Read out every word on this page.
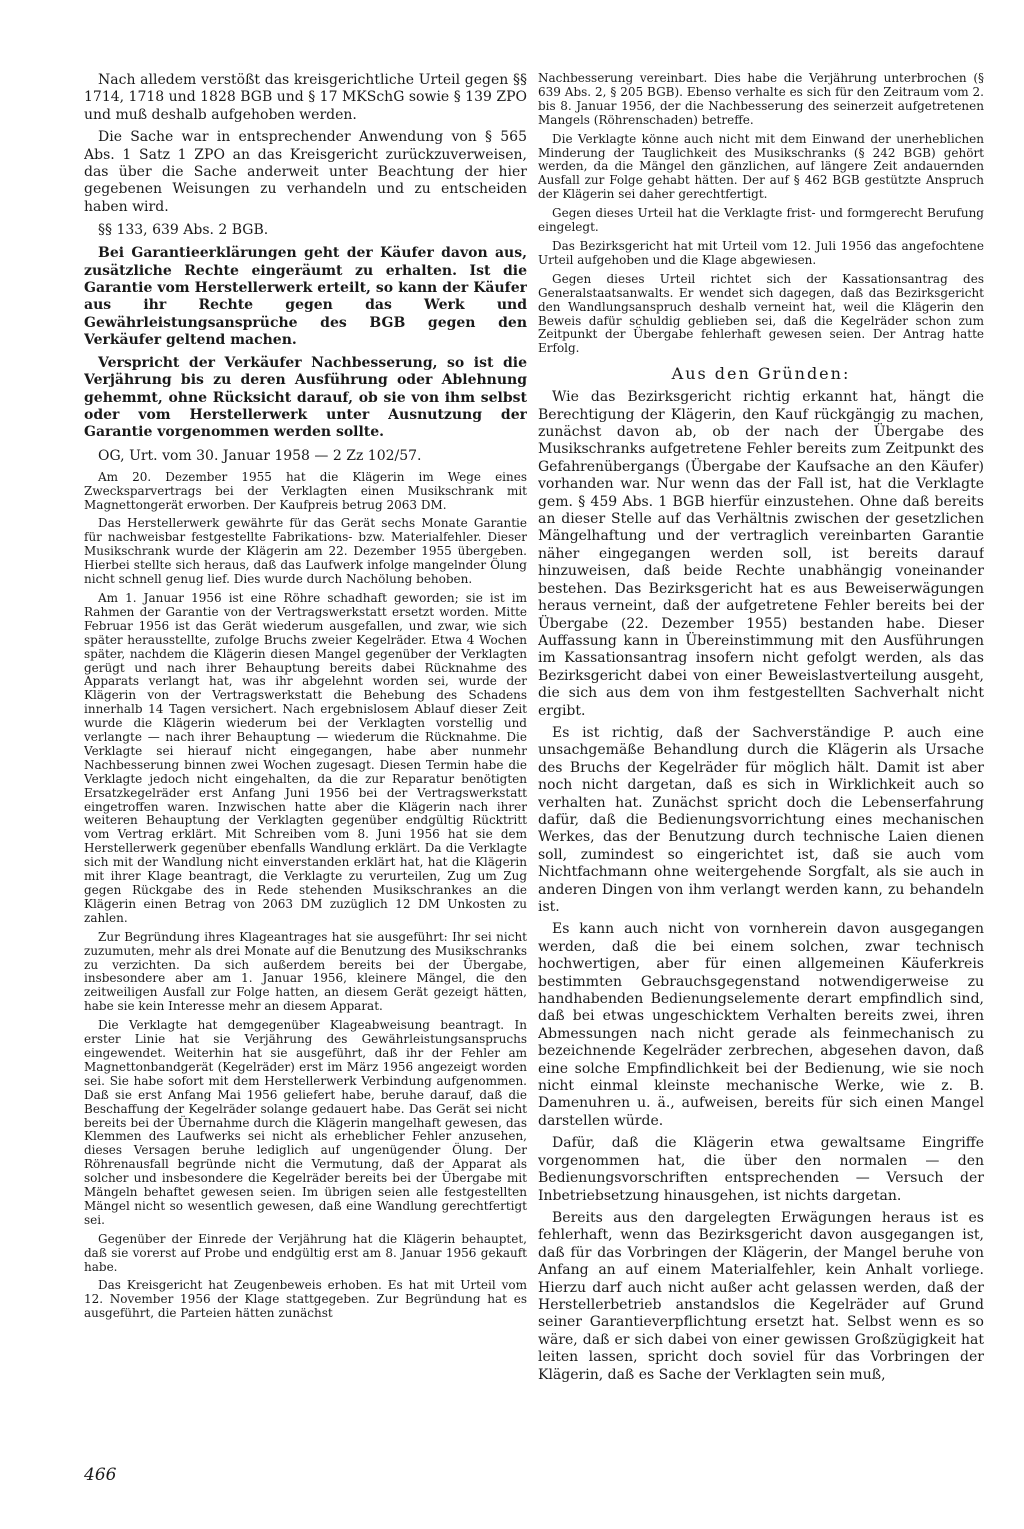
Nach alledem verstößt das kreisgerichtliche Urteil gegen §§ 1714, 1718 und 1828 BGB und § 17 MKSchG sowie § 139 ZPO und muß deshalb aufgehoben werden.

Die Sache war in entsprechender Anwendung von § 565 Abs. 1 Satz 1 ZPO an das Kreisgericht zurückzuverweisen, das über die Sache anderweit unter Beachtung der hier gegebenen Weisungen zu verhandeln und zu entscheiden haben wird.

§§ 133, 639 Abs. 2 BGB.

Bei Garantieerklärungen geht der Käufer davon aus, zusätzliche Rechte eingeräumt zu erhalten. Ist die Garantie vom Herstellerwerk erteilt, so kann der Käufer aus ihr Rechte gegen das Werk und Gewährleistungsansprüche des BGB gegen den Verkäufer geltend machen.

Verspricht der Verkäufer Nachbesserung, so ist die Verjährung bis zu deren Ausführung oder Ablehnung gehemmt, ohne Rücksicht darauf, ob sie von ihm selbst oder vom Herstellerwerk unter Ausnutzung der Garantie vorgenommen werden sollte.

OG, Urt. vom 30. Januar 1958 — 2 Zz 102/57.

Am 20. Dezember 1955 hat die Klägerin im Wege eines Zwecksparvertrags bei der Verklagten einen Musikschrank mit Magnettongerät erworben. Der Kaufpreis betrug 2063 DM.

Das Herstellerwerk gewährte für das Gerät sechs Monate Garantie für nachweisbar festgestellte Fabrikations- bzw. Materialfehler. Dieser Musikschrank wurde der Klägerin am 22. Dezember 1955 übergeben. Hierbei stellte sich heraus, daß das Laufwerk infolge mangelnder Ölung nicht schnell genug lief. Dies wurde durch Nachölung behoben.

Am 1. Januar 1956 ist eine Röhre schadhaft geworden; sie ist im Rahmen der Garantie von der Vertragswerkstatt ersetzt worden. Mitte Februar 1956 ist das Gerät wiederum ausgefallen, und zwar, wie sich später herausstellte, zufolge Bruchs zweier Kegelräder. Etwa 4 Wochen später, nachdem die Klägerin diesen Mangel gegenüber der Verklagten gerügt und nach ihrer Behauptung bereits dabei Rücknahme des Apparats verlangt hat, was ihr abgelehnt worden sei, wurde der Klägerin von der Vertragswerkstatt die Behebung des Schadens innerhalb 14 Tagen versichert. Nach ergebnislosem Ablauf dieser Zeit wurde die Klägerin wiederum bei der Verklagten vorstellig und verlangte — nach ihrer Behauptung — wiederum die Rücknahme. Die Verklagte sei hierauf nicht eingegangen, habe aber nunmehr Nachbesserung binnen zwei Wochen zugesagt. Diesen Termin habe die Verklagte jedoch nicht eingehalten, da die zur Reparatur benötigten Ersatzkegelräder erst Anfang Juni 1956 bei der Vertragswerkstatt eingetroffen waren. Inzwischen hatte aber die Klägerin nach ihrer weiteren Behauptung der Verklagten gegenüber endgültig Rücktritt vom Vertrag erklärt. Mit Schreiben vom 8. Juni 1956 hat sie dem Herstellerwerk gegenüber ebenfalls Wandlung erklärt. Da die Verklagte sich mit der Wandlung nicht einverstanden erklärt hat, hat die Klägerin mit ihrer Klage beantragt, die Verklagte zu verurteilen, Zug um Zug gegen Rückgabe des in Rede stehenden Musikschrankes an die Klägerin einen Betrag von 2063 DM zuzüglich 12 DM Unkosten zu zahlen.

Zur Begründung ihres Klageantrages hat sie ausgeführt: Ihr sei nicht zuzumuten, mehr als drei Monate auf die Benutzung des Musikschranks zu verzichten. Da sich außerdem bereits bei der Übergabe, insbesondere aber am 1. Januar 1956, kleinere Mängel, die den zeitweiligen Ausfall zur Folge hatten, an diesem Gerät gezeigt hätten, habe sie kein Interesse mehr an diesem Apparat.

Die Verklagte hat demgegenüber Klageabweisung beantragt. In erster Linie hat sie Verjährung des Gewährleistungsanspruchs eingewendet. Weiterhin hat sie ausgeführt, daß ihr der Fehler am Magnettonbandgerät (Kegelräder) erst im März 1956 angezeigt worden sei. Sie habe sofort mit dem Herstellerwerk Verbindung aufgenommen. Daß sie erst Anfang Mai 1956 geliefert habe, beruhe darauf, daß die Beschaffung der Kegelräder solange gedauert habe. Das Gerät sei nicht bereits bei der Übernahme durch die Klägerin mangelhaft gewesen, das Klemmen des Laufwerks sei nicht als erheblicher Fehler anzusehen, dieses Versagen beruhe lediglich auf ungenügender Ölung. Der Röhrenausfall begründe nicht die Vermutung, daß der Apparat als solcher und insbesondere die Kegelräder bereits bei der Übergabe mit Mängeln behaftet gewesen seien. Im übrigen seien alle festgestellten Mängel nicht so wesentlich gewesen, daß eine Wandlung gerechtfertigt sei.

Gegenüber der Einrede der Verjährung hat die Klägerin behauptet, daß sie vorerst auf Probe und endgültig erst am 8. Januar 1956 gekauft habe.

Das Kreisgericht hat Zeugenbeweis erhoben. Es hat mit Urteil vom 12. November 1956 der Klage stattgegeben. Zur Begründung hat es ausgeführt, die Parteien hätten zunächst

Nachbesserung vereinbart. Dies habe die Verjährung unterbrochen (§ 639 Abs. 2, § 205 BGB). Ebenso verhalte es sich für den Zeitraum vom 2. bis 8. Januar 1956, der die Nachbesserung des seinerzeit aufgetretenen Mangels (Röhrenschaden) betreffe.

Die Verklagte könne auch nicht mit dem Einwand der unerheblichen Minderung der Tauglichkeit des Musikschranks (§ 242 BGB) gehört werden, da die Mängel den gänzlichen, auf längere Zeit andauernden Ausfall zur Folge gehabt hätten. Der auf § 462 BGB gestützte Anspruch der Klägerin sei daher gerechtfertigt.

Gegen dieses Urteil hat die Verklagte frist- und formgerecht Berufung eingelegt.

Das Bezirksgericht hat mit Urteil vom 12. Juli 1956 das angefochtene Urteil aufgehoben und die Klage abgewiesen.

Gegen dieses Urteil richtet sich der Kassationsantrag des Generalstaatsanwalts. Er wendet sich dagegen, daß das Bezirksgericht den Wandlungsanspruch deshalb verneint hat, weil die Klägerin den Beweis dafür schuldig geblieben sei, daß die Kegelräder schon zum Zeitpunkt der Übergabe fehlerhaft gewesen seien. Der Antrag hatte Erfolg.

Aus den Gründen:

Wie das Bezirksgericht richtig erkannt hat, hängt die Berechtigung der Klägerin, den Kauf rückgängig zu machen, zunächst davon ab, ob der nach der Übergabe des Musikschranks aufgetretene Fehler bereits zum Zeitpunkt des Gefahrenübergangs (Übergabe der Kaufsache an den Käufer) vorhanden war. Nur wenn das der Fall ist, hat die Verklagte gem. § 459 Abs. 1 BGB hierfür einzustehen. Ohne daß bereits an dieser Stelle auf das Verhältnis zwischen der gesetzlichen Mängelhaftung und der vertraglich vereinbarten Garantie näher eingegangen werden soll, ist bereits darauf hinzuweisen, daß beide Rechte unabhängig voneinander bestehen. Das Bezirksgericht hat es aus Beweiserwägungen heraus verneint, daß der aufgetretene Fehler bereits bei der Übergabe (22. Dezember 1955) bestanden habe. Dieser Auffassung kann in Übereinstimmung mit den Ausführungen im Kassationsantrag insofern nicht gefolgt werden, als das Bezirksgericht dabei von einer Beweislastverteilung ausgeht, die sich aus dem von ihm festgestellten Sachverhalt nicht ergibt.

Es ist richtig, daß der Sachverständige P. auch eine unsachgemäße Behandlung durch die Klägerin als Ursache des Bruchs der Kegelräder für möglich hält. Damit ist aber noch nicht dargetan, daß es sich in Wirklichkeit auch so verhalten hat. Zunächst spricht doch die Lebenserfahrung dafür, daß die Bedienungsvorrichtung eines mechanischen Werkes, das der Benutzung durch technische Laien dienen soll, zumindest so eingerichtet ist, daß sie auch vom Nichtfachmann ohne weitergehende Sorgfalt, als sie auch in anderen Dingen von ihm verlangt werden kann, zu behandeln ist.

Es kann auch nicht von vornherein davon ausgegangen werden, daß die bei einem solchen, zwar technisch hochwertigen, aber für einen allgemeinen Käuferkreis bestimmten Gebrauchsgegenstand notwendigerweise zu handhabenden Bedienungselemente derart empfindlich sind, daß bei etwas ungeschicktem Verhalten bereits zwei, ihren Abmessungen nach nicht gerade als feinmechanisch zu bezeichnende Kegelräder zerbrechen, abgesehen davon, daß eine solche Empfindlichkeit bei der Bedienung, wie sie noch nicht einmal kleinste mechanische Werke, wie z. B. Damenuhren u. ä., aufweisen, bereits für sich einen Mangel darstellen würde.

Dafür, daß die Klägerin etwa gewaltsame Eingriffe vorgenommen hat, die über den normalen — den Bedienungsvorschriften entsprechenden — Versuch der Inbetriebsetzung hinausgehen, ist nichts dargetan.

Bereits aus den dargelegten Erwägungen heraus ist es fehlerhaft, wenn das Bezirksgericht davon ausgegangen ist, daß für das Vorbringen der Klägerin, der Mangel beruhe von Anfang an auf einem Materialfehler, kein Anhalt vorliege. Hierzu darf auch nicht außer acht gelassen werden, daß der Herstellerbetrieb anstandslos die Kegelräder auf Grund seiner Garantieverpflichtung ersetzt hat. Selbst wenn es so wäre, daß er sich dabei von einer gewissen Großzügigkeit hat leiten lassen, spricht doch soviel für das Vorbringen der Klägerin, daß es Sache der Verklagten sein muß,

466
